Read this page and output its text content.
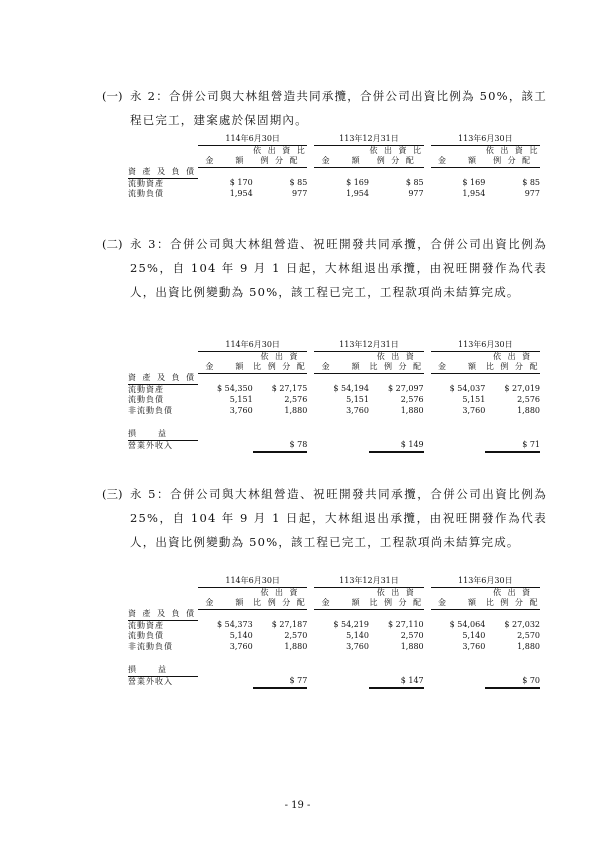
(一) 永 2：合併公司與大林組營造共同承攬，合併公司出資比例為 50%，該工程已完工，建案處於保固期內。
	114年6月30日			113年12月31日			113年6月30日	
		依 出 資 比			依 出 資 比			依 出 資 比
	金　　額	例 分 配		金　　額	例 分 配		金　　額	例 分 配
資 產 及 負 債								
流動資產	$ 170	$ 85		$ 169	$ 85		$ 169	$ 85
流動負債	1,954	977		1,954	977		1,954	977
(二) 永 3：合併公司與大林組營造、祝旺開發共同承攬，合併公司出資比例為 25%，自 104 年 9 月 1 日起，大林組退出承攬，由祝旺開發作為代表人，出資比例變動為 50%，該工程已完工，工程款項尚未結算完成。
	114年6月30日			113年12月31日			113年6月30日	
		依 出 資			依 出 資			依 出 資
	金　　額	比 例 分 配		金　　額	比 例 分 配		金　　額	比 例 分 配
資 產 及 負 債								
流動資產	$ 54,350	$ 27,175		$ 54,194	$ 27,097		$ 54,037	$ 27,019
流動負債	5,151	2,576		5,151	2,576		5,151	2,576
非流動負債	3,760	1,880		3,760	1,880		3,760	1,880

損　　益								
營業外收入		$ 78			$ 149			$ 71
(三) 永 5：合併公司與大林組營造、祝旺開發共同承攬，合併公司出資比例為 25%，自 104 年 9 月 1 日起，大林組退出承攬，由祝旺開發作為代表人，出資比例變動為 50%，該工程已完工，工程款項尚未結算完成。
	114年6月30日			113年12月31日			113年6月30日	
		依 出 資			依 出 資			依 出 資
	金　　額	比 例 分 配		金　　額	比 例 分 配		金　　額	比 例 分 配
資 產 及 負 債								
流動資產	$ 54,373	$ 27,187		$ 54,219	$ 27,110		$ 54,064	$ 27,032
流動負債	5,140	2,570		5,140	2,570		5,140	2,570
非流動負債	3,760	1,880		3,760	1,880		3,760	1,880

損　　益								
營業外收入		$ 77			$ 147			$ 70
- 19 -
